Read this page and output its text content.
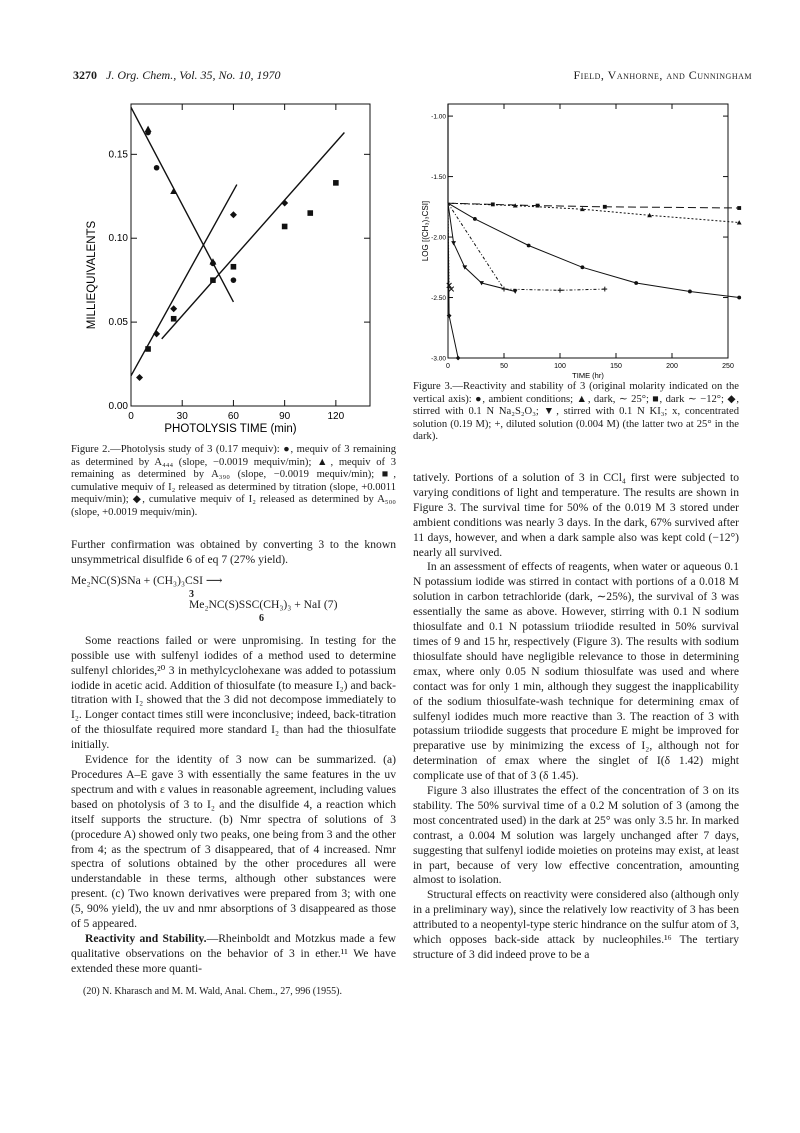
3270 J. Org. Chem., Vol. 35, No. 10, 1970	Field, Vanhorne, and Cunningham
0	30	60	90	120
0.00
0.05
0.10
0.15
PHOTOLYSIS TIME (min)
MILLIEQUIVALENTS
Figure 2.—Photolysis study of 3 (0.17 mequiv): ●, mequiv of 3 remaining as determined by A₄₄₄ (slope, −0.0019 mequiv/min); ▲, mequiv of 3 remaining as determined by A₃₉₀ (slope, −0.0019 mequiv/min); ■, cumulative mequiv of I₂ released as determined by titration (slope, +0.0011 mequiv/min); ◆, cumulative mequiv of I₂ released as determined by A₅₀₀ (slope, +0.0019 mequiv/min).
0	50	100	150	200	250
-1.00
-1.50
-2.00
-2.50
-3.00
TIME (hr)
LOG [(CH₃)₃CSI]
Figure 3.—Reactivity and stability of 3 (original molarity indicated on the vertical axis): ●, ambient conditions; ▲, dark, ∼ 25°; ■, dark ∼ −12°; ◆, stirred with 0.1 N Na₂S₂O₃; ▼, stirred with 0.1 N KI₃; x, concentrated solution (0.19 M); +, diluted solution (0.004 M) (the latter two at 25° in the dark).

Further confirmation was obtained by converting 3 to the known unsymmetrical disulfide 6 of eq 7 (27% yield).

Me₂NC(S)SNa + (CH₃)₃CSI ⟶
3
Me₂NC(S)SSC(CH₃)₃ + NaI (7)
6

Some reactions failed or were unpromising. In testing for the possible use with sulfenyl iodides of a method used to determine sulfenyl chlorides,²⁰ 3 in methylcyclohexane was added to potassium iodide in acetic acid. Addition of thiosulfate (to measure I₂) and back-titration with I₂ showed that the 3 did not decompose immediately to I₂. Longer contact times still were inconclusive; indeed, back-titration of the thiosulfate required more standard I₂ than had the thiosulfate initially.

Evidence for the identity of 3 now can be summarized. (a) Procedures A–E gave 3 with essentially the same features in the uv spectrum and with ε values in reasonable agreement, including values based on photolysis of 3 to I₂ and the disulfide 4, a reaction which itself supports the structure. (b) Nmr spectra of solutions of 3 (procedure A) showed only two peaks, one being from 3 and the other from 4; as the spectrum of 3 disappeared, that of 4 increased. Nmr spectra of solutions obtained by the other procedures all were understandable in these terms, although other substances were present. (c) Two known derivatives were prepared from 3; with one (5, 90% yield), the uv and nmr absorptions of 3 disappeared as those of 5 appeared.

Reactivity and Stability.—Rheinboldt and Motzkus made a few qualitative observations on the behavior of 3 in ether.¹¹ We have extended these more quanti-

(20) N. Kharasch and M. M. Wald, Anal. Chem., 27, 996 (1955).

tatively. Portions of a solution of 3 in CCl₄ first were subjected to varying conditions of light and temperature. The results are shown in Figure 3. The survival time for 50% of the 0.019 M 3 stored under ambient conditions was nearly 3 days. In the dark, 67% survived after 11 days, however, and when a dark sample also was kept cold (−12°) nearly all survived.

In an assessment of effects of reagents, when water or aqueous 0.1 N potassium iodide was stirred in contact with portions of a 0.018 M solution in carbon tetrachloride (dark, ∼25%), the survival of 3 was essentially the same as above. However, stirring with 0.1 N sodium thiosulfate and 0.1 N potassium triiodide resulted in 50% survival times of 9 and 15 hr, respectively (Figure 3). The results with sodium thiosulfate should have negligible relevance to those in determining εmax, where only 0.05 N sodium thiosulfate was used and where contact was for only 1 min, although they suggest the inapplicability of the sodium thiosulfate-wash technique for determining εmax of sulfenyl iodides much more reactive than 3. The reaction of 3 with potassium triiodide suggests that procedure E might be improved for preparative use by minimizing the excess of I₂, although not for determination of εmax where the singlet of I(δ 1.42) might complicate use of that of 3 (δ 1.45).

Figure 3 also illustrates the effect of the concentration of 3 on its stability. The 50% survival time of a 0.2 M solution of 3 (among the most concentrated used) in the dark at 25° was only 3.5 hr. In marked contrast, a 0.004 M solution was largely unchanged after 7 days, suggesting that sulfenyl iodide moieties on proteins may exist, at least in part, because of very low effective concentration, amounting almost to isolation.

Structural effects on reactivity were considered also (although only in a preliminary way), since the relatively low reactivity of 3 has been attributed to a neopentyl-type steric hindrance on the sulfur atom of 3, which opposes back-side attack by nucleophiles.¹⁶ The tertiary structure of 3 did indeed prove to be a
